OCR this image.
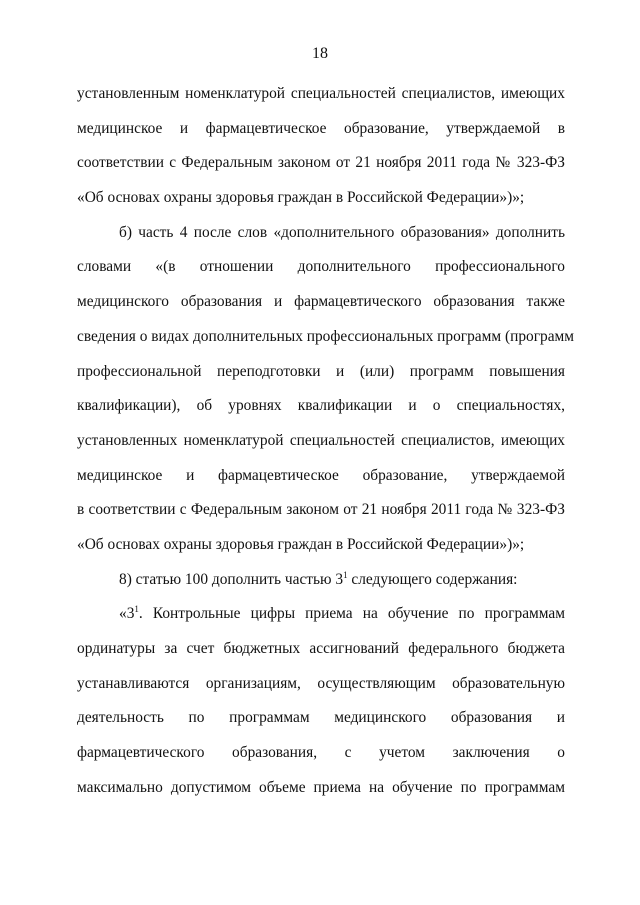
18
установленным номенклатурой специальностей специалистов, имеющих
медицинское и фармацевтическое образование, утверждаемой в
соответствии с Федеральным законом от 21 ноября 2011 года № 323-ФЗ
«Об основах охраны здоровья граждан в Российской Федерации»)»;
б) часть 4 после слов «дополнительного образования» дополнить
словами «(в отношении дополнительного профессионального
медицинского образования и фармацевтического образования также
сведения о видах дополнительных профессиональных программ (программ
профессиональной переподготовки и (или) программ повышения
квалификации), об уровнях квалификации и о специальностях,
установленных номенклатурой специальностей специалистов, имеющих
медицинское и фармацевтическое образование, утверждаемой
в соответствии с Федеральным законом от 21 ноября 2011 года № 323-ФЗ
«Об основах охраны здоровья граждан в Российской Федерации»)»;
8) статью 100 дополнить частью $3^1$ следующего содержания:
«$3^1$. Контрольные цифры приема на обучение по программам
ординатуры за счет бюджетных ассигнований федерального бюджета
устанавливаются организациям, осуществляющим образовательную
деятельность по программам медицинского образования и
фармацевтического образования, с учетом заключения о
максимально допустимом объеме приема на обучение по программам
